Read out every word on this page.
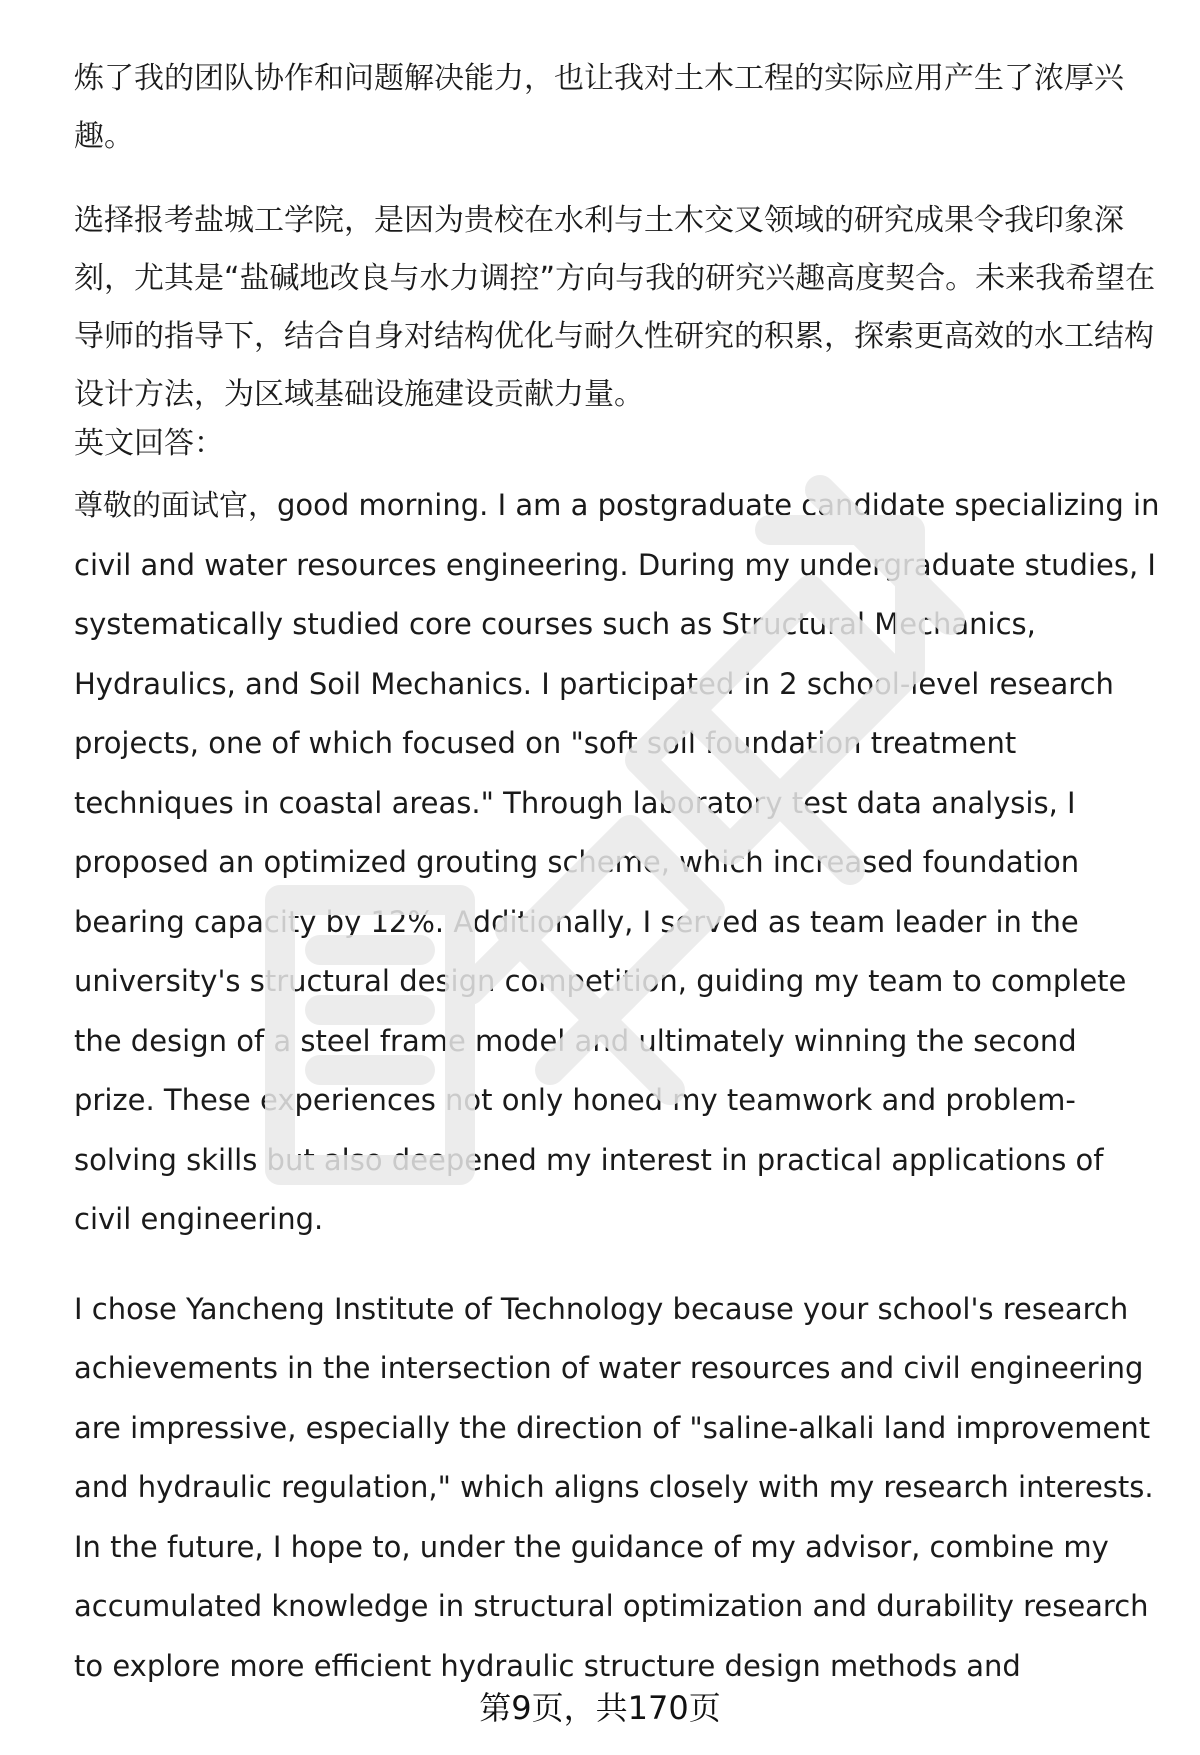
炼了我的团队协作和问题解决能力，也让我对土木工程的实际应用产生了浓厚兴趣。

选择报考盐城工学院，是因为贵校在水利与土木交叉领域的研究成果令我印象深刻，尤其是“盐碱地改良与水力调控”方向与我的研究兴趣高度契合。未来我希望在导师的指导下，结合自身对结构优化与耐久性研究的积累，探索更高效的水工结构设计方法，为区域基础设施建设贡献力量。

英文回答：

尊敬的面试官，good morning. I am a postgraduate candidate specializing in civil and water resources engineering. During my undergraduate studies, I systematically studied core courses such as Structural Mechanics, Hydraulics, and Soil Mechanics. I participated in 2 school-level research projects, one of which focused on "soft soil foundation treatment techniques in coastal areas." Through laboratory test data analysis, I proposed an optimized grouting scheme, which increased foundation bearing capacity by 12%. Additionally, I served as team leader in the university's structural design competition, guiding my team to complete the design of a steel frame model and ultimately winning the second prize. These experiences not only honed my teamwork and problem-solving skills but also deepened my interest in practical applications of civil engineering.

I chose Yancheng Institute of Technology because your school's research achievements in the intersection of water resources and civil engineering are impressive, especially the direction of "saline-alkali land improvement and hydraulic regulation," which aligns closely with my research interests. In the future, I hope to, under the guidance of my advisor, combine my accumulated knowledge in structural optimization and durability research to explore more efficient hydraulic structure design methods and

第9页，共170页
